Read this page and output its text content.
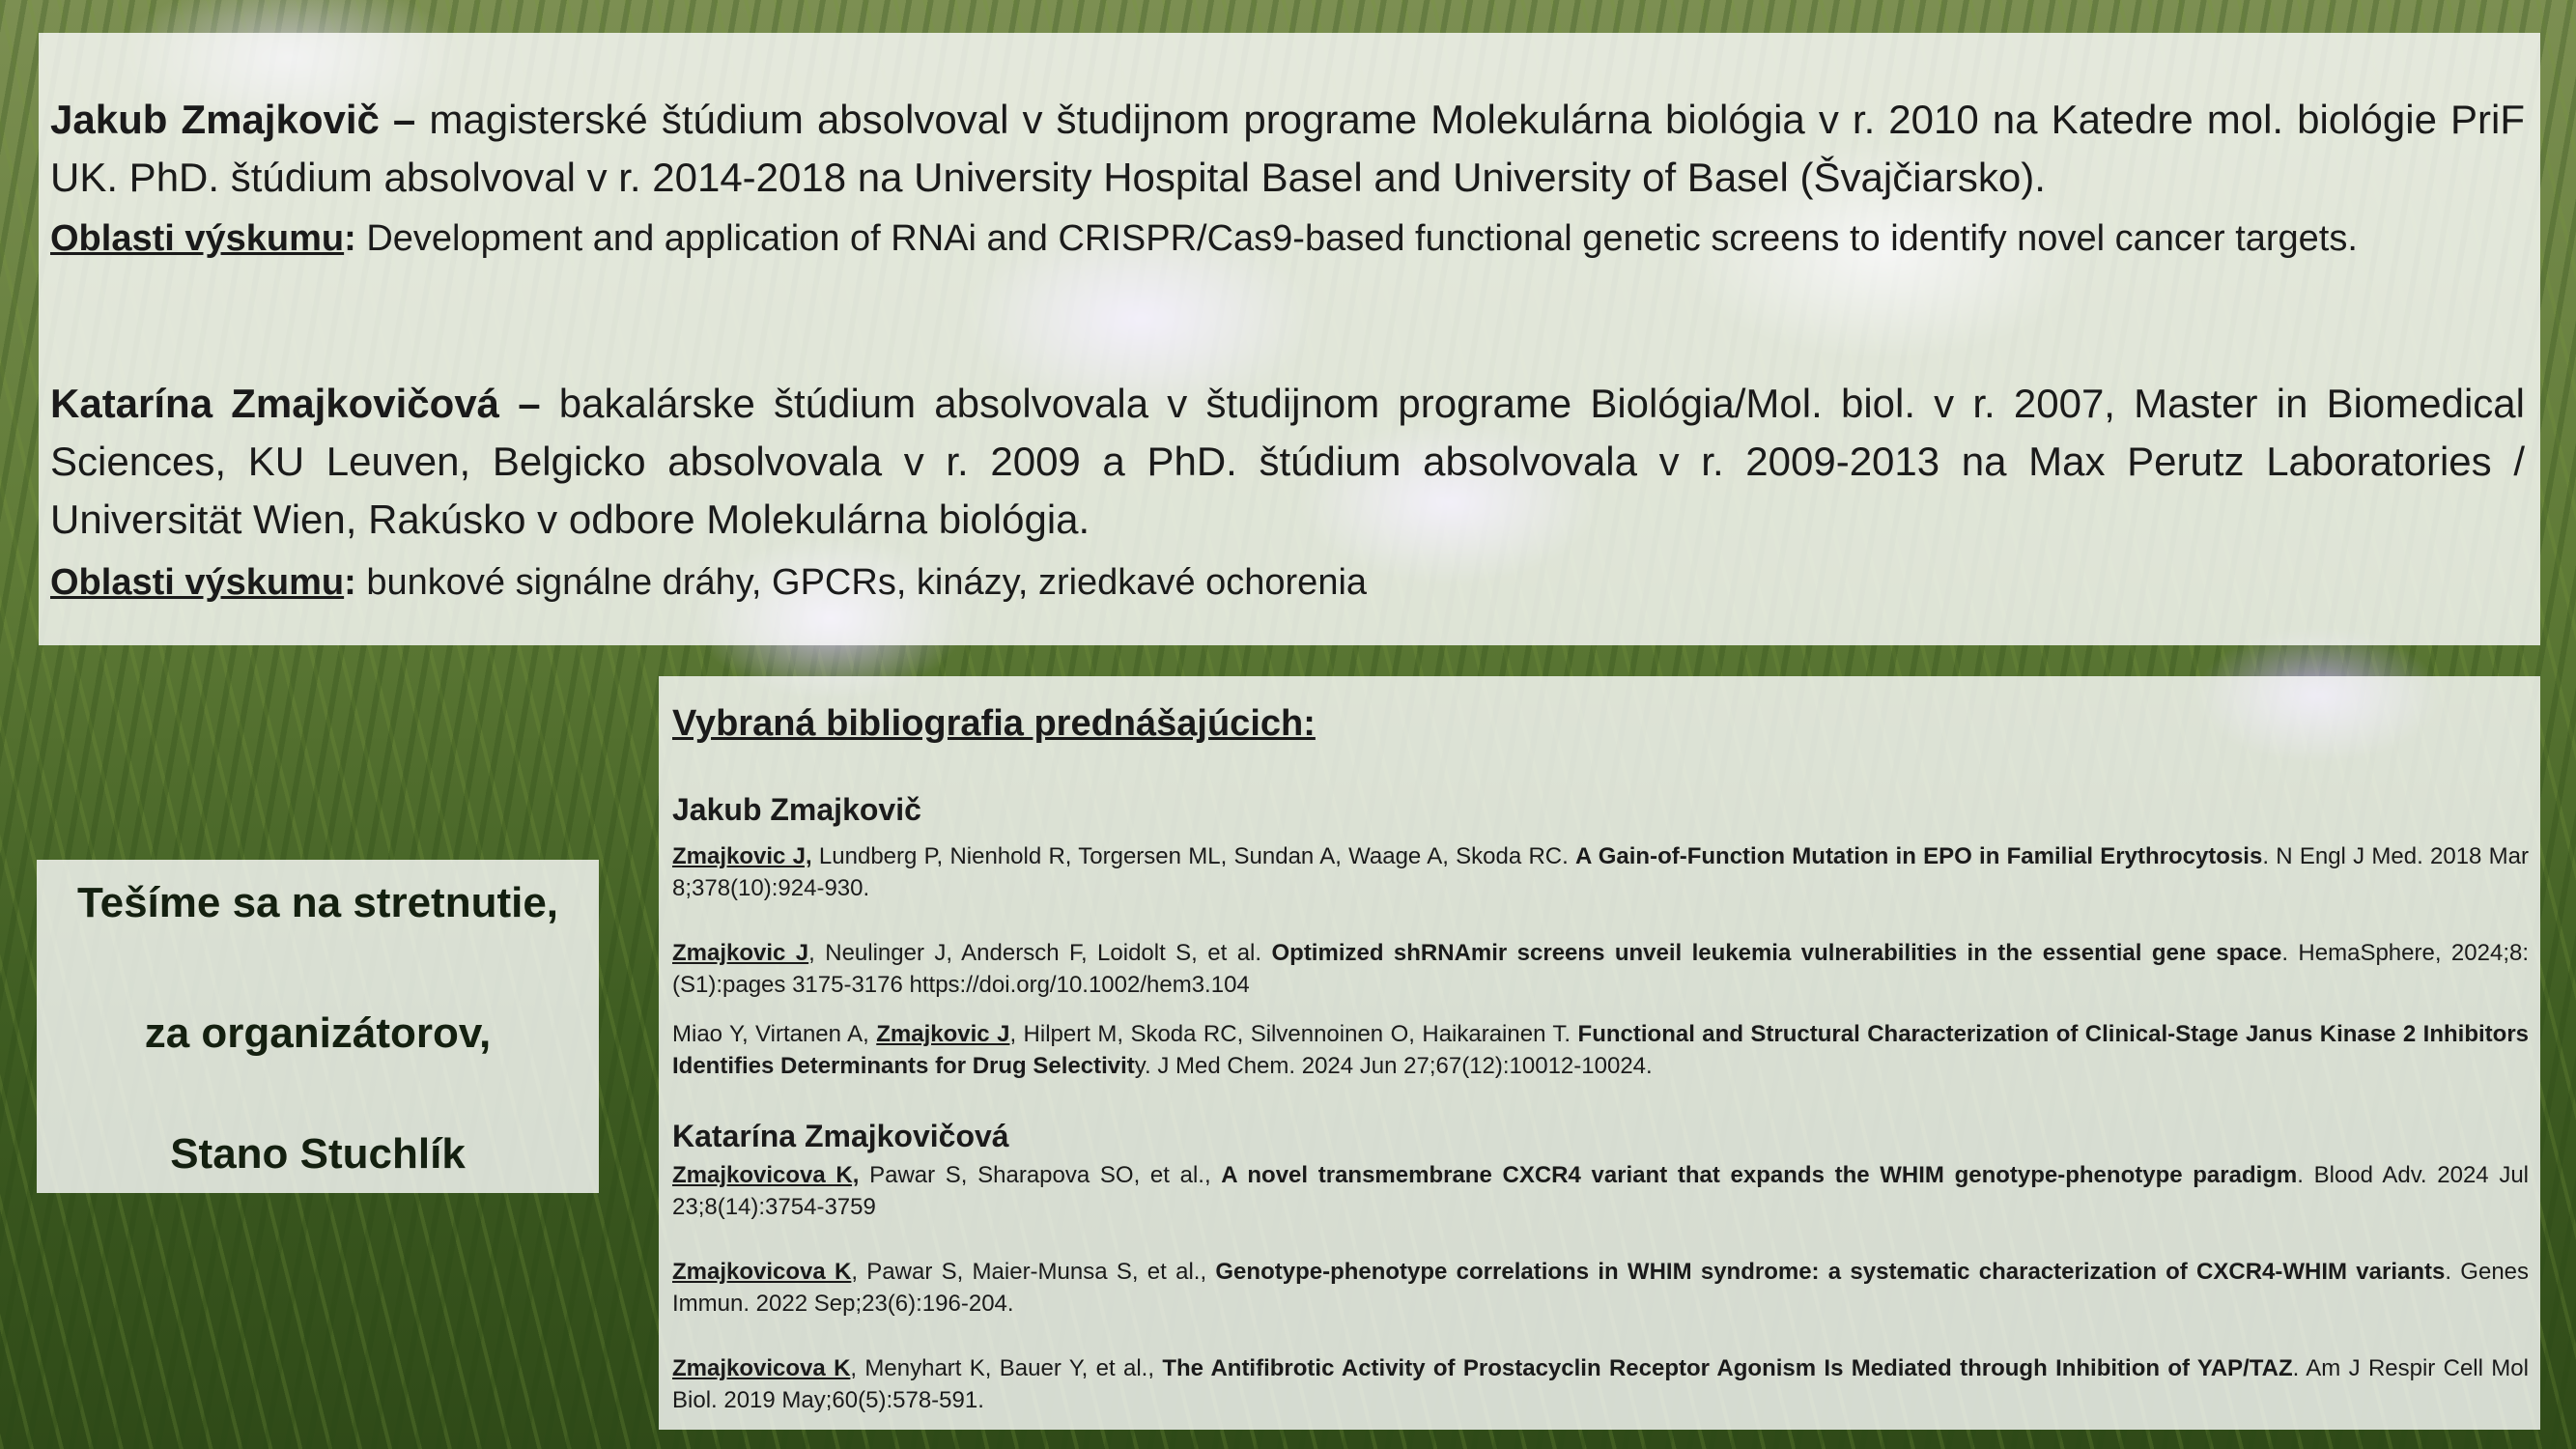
Jakub Zmajkovič – magisterské štúdium absolvoval v študijnom programe Molekulárna biológia v r. 2010 na Katedre mol. biológie PriF UK. PhD. štúdium absolvoval v r. 2014-2018 na University Hospital Basel and University of Basel (Švajčiarsko).

Oblasti výskumu: Development and application of RNAi and CRISPR/Cas9-based functional genetic screens to identify novel cancer targets.

Katarína Zmajkovičová – bakalárske štúdium absolvovala v študijnom programe Biológia/Mol. biol. v r. 2007, Master in Biomedical Sciences, KU Leuven, Belgicko absolvovala v r. 2009 a PhD. štúdium absolvovala v r. 2009-2013 na Max Perutz Laboratories / Universität Wien, Rakúsko v odbore Molekulárna biológia.

Oblasti výskumu: bunkové signálne dráhy, GPCRs, kinázy, zriedkavé ochorenia

Vybraná bibliografia prednášajúcich:
Jakub Zmajkovič

Zmajkovic J, Lundberg P, Nienhold R, Torgersen ML, Sundan A, Waage A, Skoda RC. A Gain-of-Function Mutation in EPO in Familial Erythrocytosis. N Engl J Med. 2018 Mar 8;378(10):924-930.

Zmajkovic J, Neulinger J, Andersch F, Loidolt S, et al. Optimized shRNAmir screens unveil leukemia vulnerabilities in the essential gene space. HemaSphere, 2024;8:(S1):pages 3175-3176 https://doi.org/10.1002/hem3.104

Miao Y, Virtanen A, Zmajkovic J, Hilpert M, Skoda RC, Silvennoinen O, Haikarainen T. Functional and Structural Characterization of Clinical-Stage Janus Kinase 2 Inhibitors Identifies Determinants for Drug Selectivity. J Med Chem. 2024 Jun 27;67(12):10012-10024.

Katarína Zmajkovičová

Zmajkovicova K, Pawar S, Sharapova SO, et al., A novel transmembrane CXCR4 variant that expands the WHIM genotype-phenotype paradigm. Blood Adv. 2024 Jul 23;8(14):3754-3759

Zmajkovicova K, Pawar S, Maier-Munsa S, et al., Genotype-phenotype correlations in WHIM syndrome: a systematic characterization of CXCR4-WHIM variants. Genes Immun. 2022 Sep;23(6):196-204.

Zmajkovicova K, Menyhart K, Bauer Y, et al., The Antifibrotic Activity of Prostacyclin Receptor Agonism Is Mediated through Inhibition of YAP/TAZ. Am J Respir Cell Mol Biol. 2019 May;60(5):578-591.

Tešíme sa na stretnutie,
za organizátorov,
Stano Stuchlík
